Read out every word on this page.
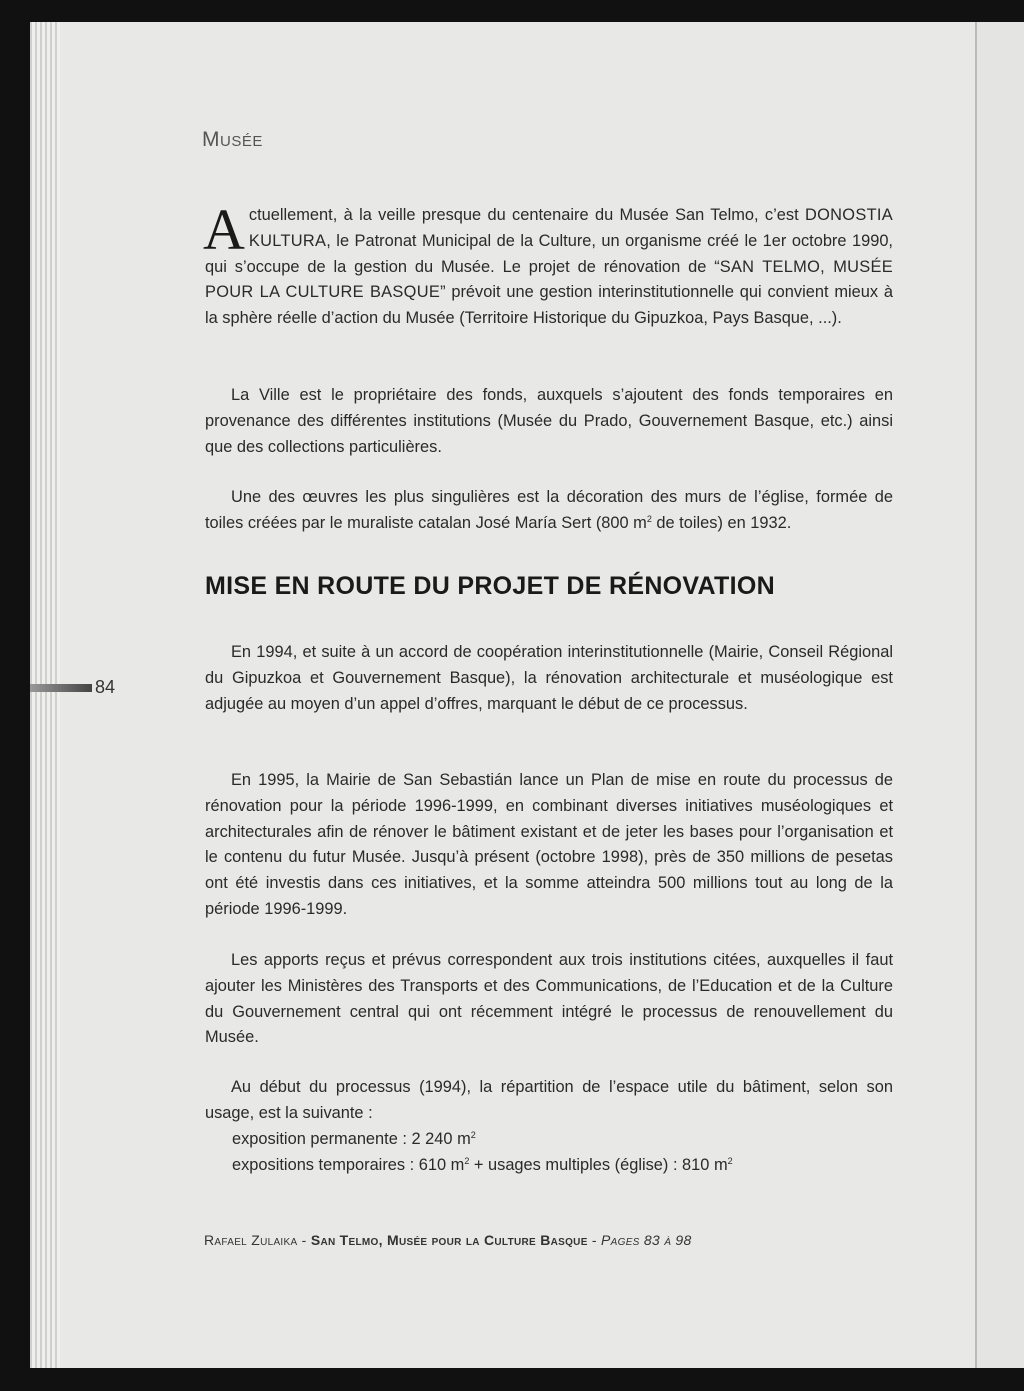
Musée
Actuellement, à la veille presque du centenaire du Musée San Telmo, c’est DONOSTIA KULTURA, le Patronat Municipal de la Culture, un organisme créé le 1er octobre 1990, qui s’occupe de la gestion du Musée. Le projet de rénovation de “SAN TELMO, MUSÉE POUR LA CULTURE BASQUE” prévoit une gestion interinstitutionnelle qui convient mieux à la sphère réelle d’action du Musée (Territoire Historique du Gipuzkoa, Pays Basque, ...).
La Ville est le propriétaire des fonds, auxquels s’ajoutent des fonds temporaires en provenance des différentes institutions (Musée du Prado, Gouvernement Basque, etc.) ainsi que des collections particulières.
Une des œuvres les plus singulières est la décoration des murs de l’église, formée de toiles créées par le muraliste catalan José María Sert (800 $m^2$ de toiles) en 1932.
MISE EN ROUTE DU PROJET DE RÉNOVATION
84
En 1994, et suite à un accord de coopération interinstitutionnelle (Mairie, Conseil Régional du Gipuzkoa et Gouvernement Basque), la rénovation architecturale et muséologique est adjugée au moyen d’un appel d’offres, marquant le début de ce processus.
En 1995, la Mairie de San Sebastián lance un Plan de mise en route du processus de rénovation pour la période 1996-1999, en combinant diverses initiatives muséologiques et architecturales afin de rénover le bâtiment existant et de jeter les bases pour l’organisation et le contenu du futur Musée. Jusqu’à présent (octobre 1998), près de 350 millions de pesetas ont été investis dans ces initiatives, et la somme atteindra 500 millions tout au long de la période 1996-1999.
Les apports reçus et prévus correspondent aux trois institutions citées, auxquelles il faut ajouter les Ministères des Transports et des Communications, de l’Education et de la Culture du Gouvernement central qui ont récemment intégré le processus de renouvellement du Musée.
Au début du processus (1994), la répartition de l’espace utile du bâtiment, selon son usage, est la suivante :
exposition permanente : 2 240 $m^2$
expositions temporaires : 610 $m^2$ + usages multiples (église) : 810 $m^2$
Rafael Zulaika - San Telmo, Musée pour la Culture Basque - Pages 83 à 98
